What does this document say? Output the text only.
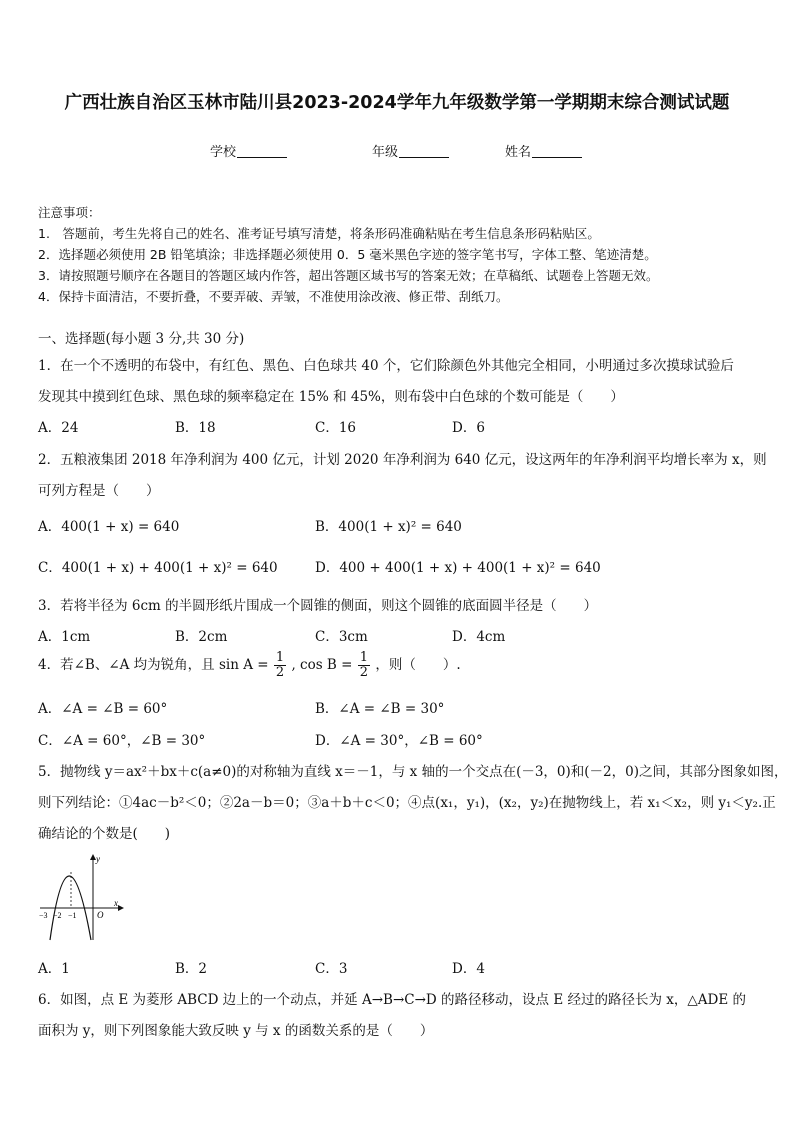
广西壮族自治区玉林市陆川县2023-2024学年九年级数学第一学期期末综合测试试题
学校	年级	姓名
注意事项：
1.　答题前，考生先将自己的姓名、准考证号填写清楚，将条形码准确粘贴在考生信息条形码粘贴区。
2．选择题必须使用 2B 铅笔填涂；非选择题必须使用 0．5 毫米黑色字迹的签字笔书写，字体工整、笔迹清楚。
3．请按照题号顺序在各题目的答题区域内作答，超出答题区域书写的答案无效；在草稿纸、试题卷上答题无效。
4．保持卡面清洁，不要折叠，不要弄破、弄皱，不准使用涂改液、修正带、刮纸刀。
一、选择题(每小题 3 分,共 30 分)
1．在一个不透明的布袋中，有红色、黑色、白色球共 40 个，它们除颜色外其他完全相同，小明通过多次摸球试验后
发现其中摸到红色球、黑色球的频率稳定在 15% 和 45%，则布袋中白色球的个数可能是（　　）
A．24	B．18	C．16	D．6
2．五粮液集团 2018 年净利润为 400 亿元，计划 2020 年净利润为 640 亿元，设这两年的年净利润平均增长率为 x，则
可列方程是（　　）
A．400(1 + x) = 640	B．400(1 + x)² = 640
C．400(1 + x) + 400(1 + x)² = 640	D．400 + 400(1 + x) + 400(1 + x)² = 640
3．若将半径为 6cm 的半圆形纸片围成一个圆锥的侧面，则这个圆锥的底面圆半径是（　　）
A．1cm	B．2cm	C．3cm	D．4cm
4．若∠B、∠A 均为锐角，且 $\sin A = \frac{1}{2}$ , $\cos B = \frac{1}{2}$ ，则（　　）.
A．∠A = ∠B = 60°	B．∠A = ∠B = 30°
C．∠A = 60°，∠B = 30°	D．∠A = 30°，∠B = 60°
5．抛物线 y＝ax²＋bx＋c(a≠0)的对称轴为直线 x＝－1，与 x 轴的一个交点在(－3，0)和(－2，0)之间，其部分图象如图，
则下列结论：①4ac－b²＜0；②2a－b＝0；③a＋b＋c＜0；④点(x₁，y₁)，(x₂，y₂)在抛物线上，若 x₁＜x₂，则 y₁＜y₂.正
确结论的个数是(　　)
y
x
O
−3 −2 −1
A．1	B．2	C．3	D．4
6．如图，点 E 为菱形 ABCD 边上的一个动点，并延 A→B→C→D 的路径移动，设点 E 经过的路径长为 x，△ADE 的
面积为 y，则下列图象能大致反映 y 与 x 的函数关系的是（　　）
